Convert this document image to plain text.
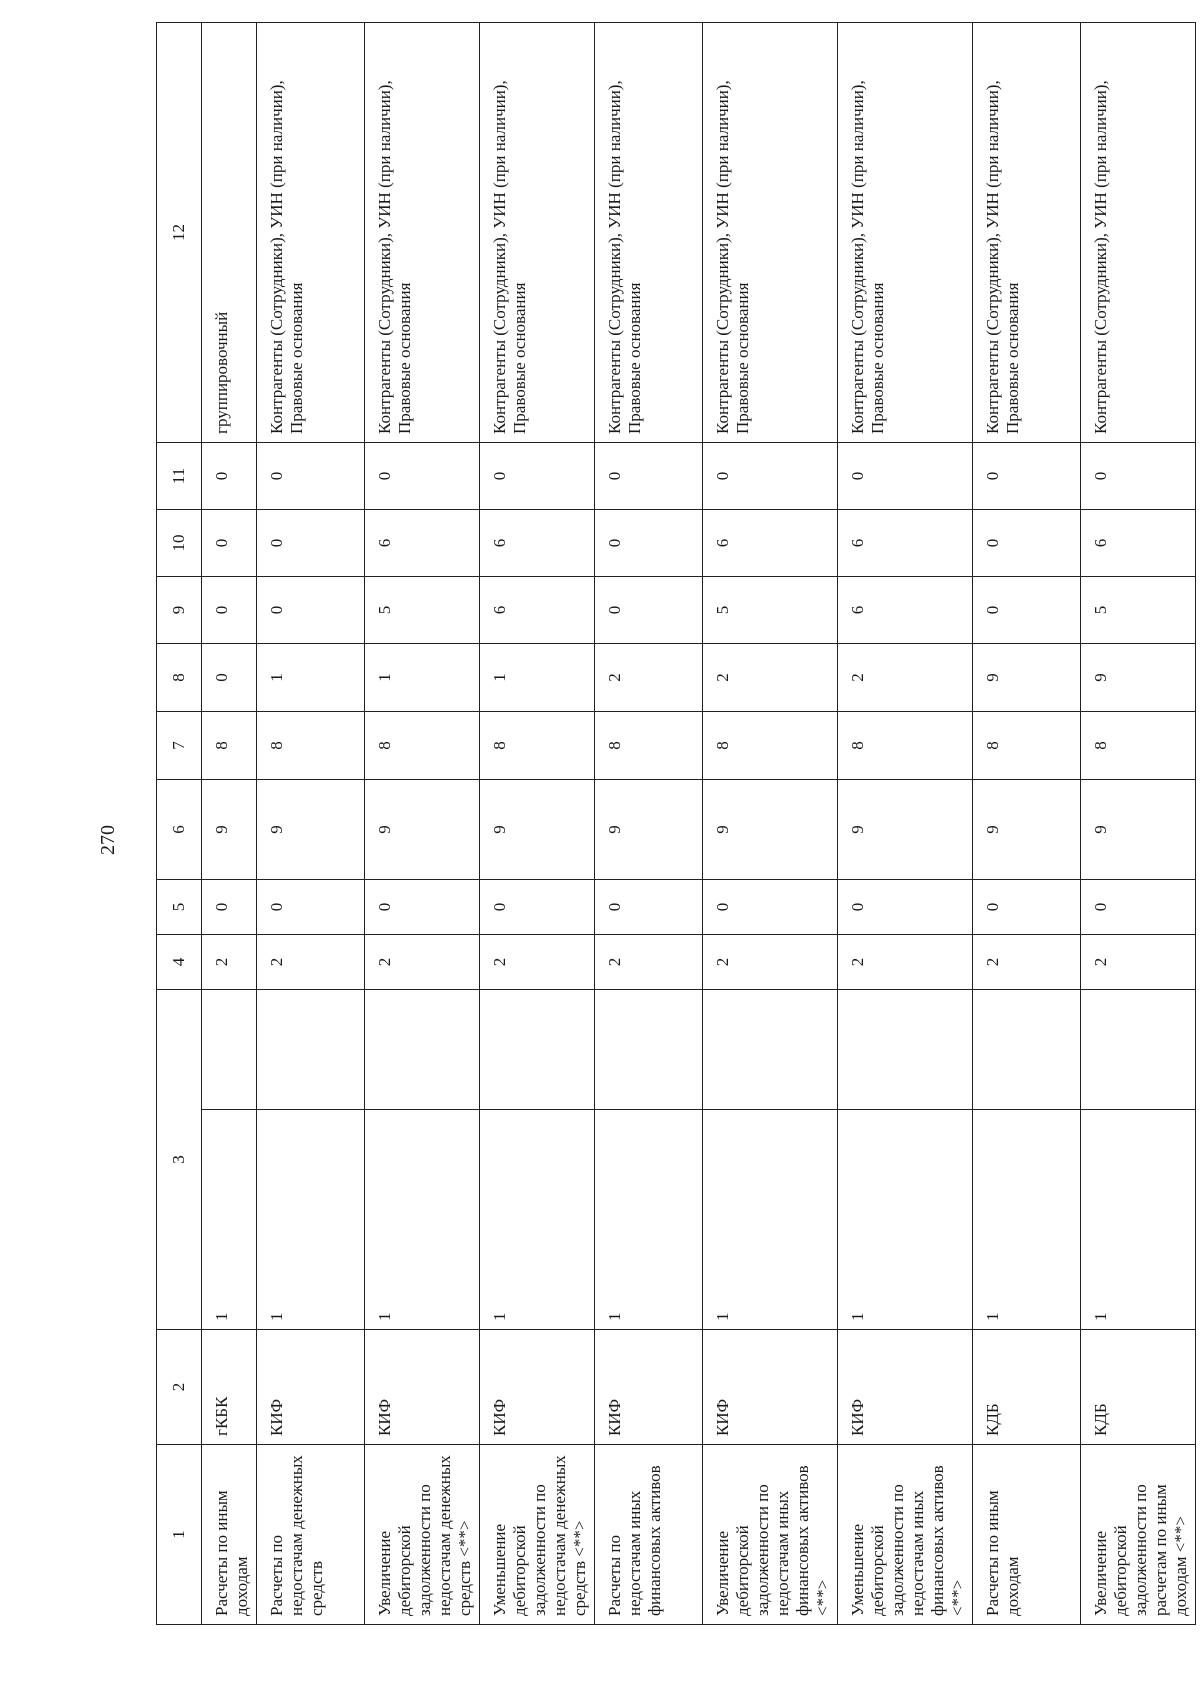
270
1	2	3		4	5	6	7	8	9	10	11	12
Расчеты по иным доходам	гКБК	1		2	0	9	8	0	0	0	0	группировочный
Расчеты по недостачам денежных средств	КИФ	1		2	0	9	8	1	0	0	0	Контрагенты (Сотрудники), УИН (при наличии), Правовые основания
Увеличение дебиторской задолженности по недостачам денежных средств <**>	КИФ	1		2	0	9	8	1	5	6	0	Контрагенты (Сотрудники), УИН (при наличии), Правовые основания
Уменьшение дебиторской задолженности по недостачам денежных средств <**>	КИФ	1		2	0	9	8	1	6	6	0	Контрагенты (Сотрудники), УИН (при наличии), Правовые основания
Расчеты по недостачам иных финансовых активов	КИФ	1		2	0	9	8	2	0	0	0	Контрагенты (Сотрудники), УИН (при наличии), Правовые основания
Увеличение дебиторской задолженности по недостачам иных финансовых активов <**>	КИФ	1		2	0	9	8	2	5	6	0	Контрагенты (Сотрудники), УИН (при наличии), Правовые основания
Уменьшение дебиторской задолженности по недостачам иных финансовых активов <**>	КИФ	1		2	0	9	8	2	6	6	0	Контрагенты (Сотрудники), УИН (при наличии), Правовые основания
Расчеты по иным доходам	КДБ	1		2	0	9	8	9	0	0	0	Контрагенты (Сотрудники), УИН (при наличии), Правовые основания
Увеличение дебиторской задолженности по расчетам по иным доходам <**>	КДБ	1		2	0	9	8	9	5	6	0	Контрагенты (Сотрудники), УИН (при наличии),
